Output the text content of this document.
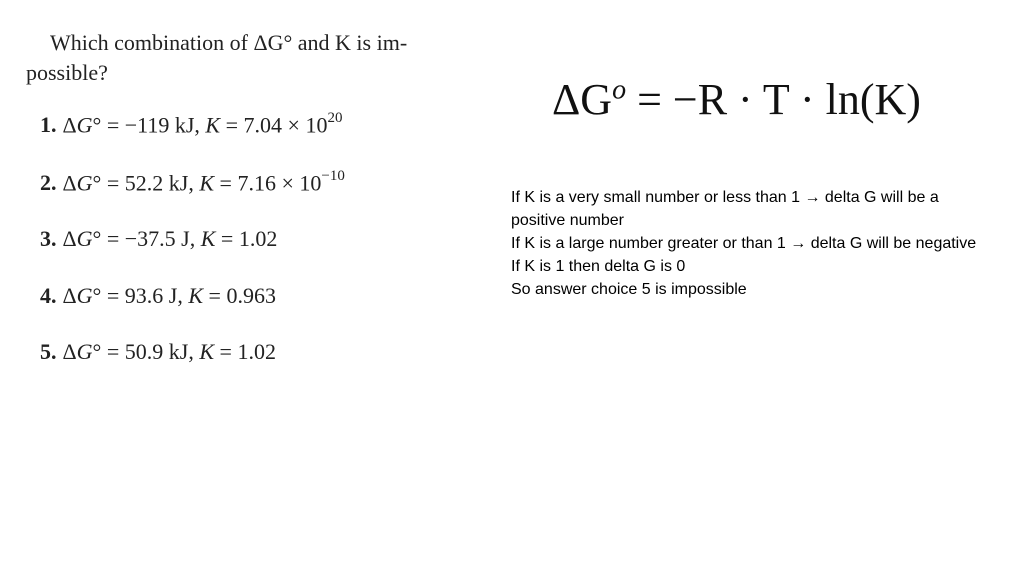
Which combination of ΔG° and K is im-
possible?
1. ΔG° = −119 kJ, $K = 7.04 \times 10^{20}$
2. ΔG° = 52.2 kJ, $K = 7.16 \times 10^{-10}$
3. ΔG° = −37.5 J, K = 1.02
4. ΔG° = 93.6 J, K = 0.963
5. ΔG° = 50.9 kJ, K = 1.02
$\Delta G^o = -R \cdot T \cdot \ln(K)$
If K is a very small number or less than 1 → delta G will be a positive number
If K is a large number greater or than 1 → delta G will be negative
If K is 1 then delta G is 0
So answer choice 5 is impossible
